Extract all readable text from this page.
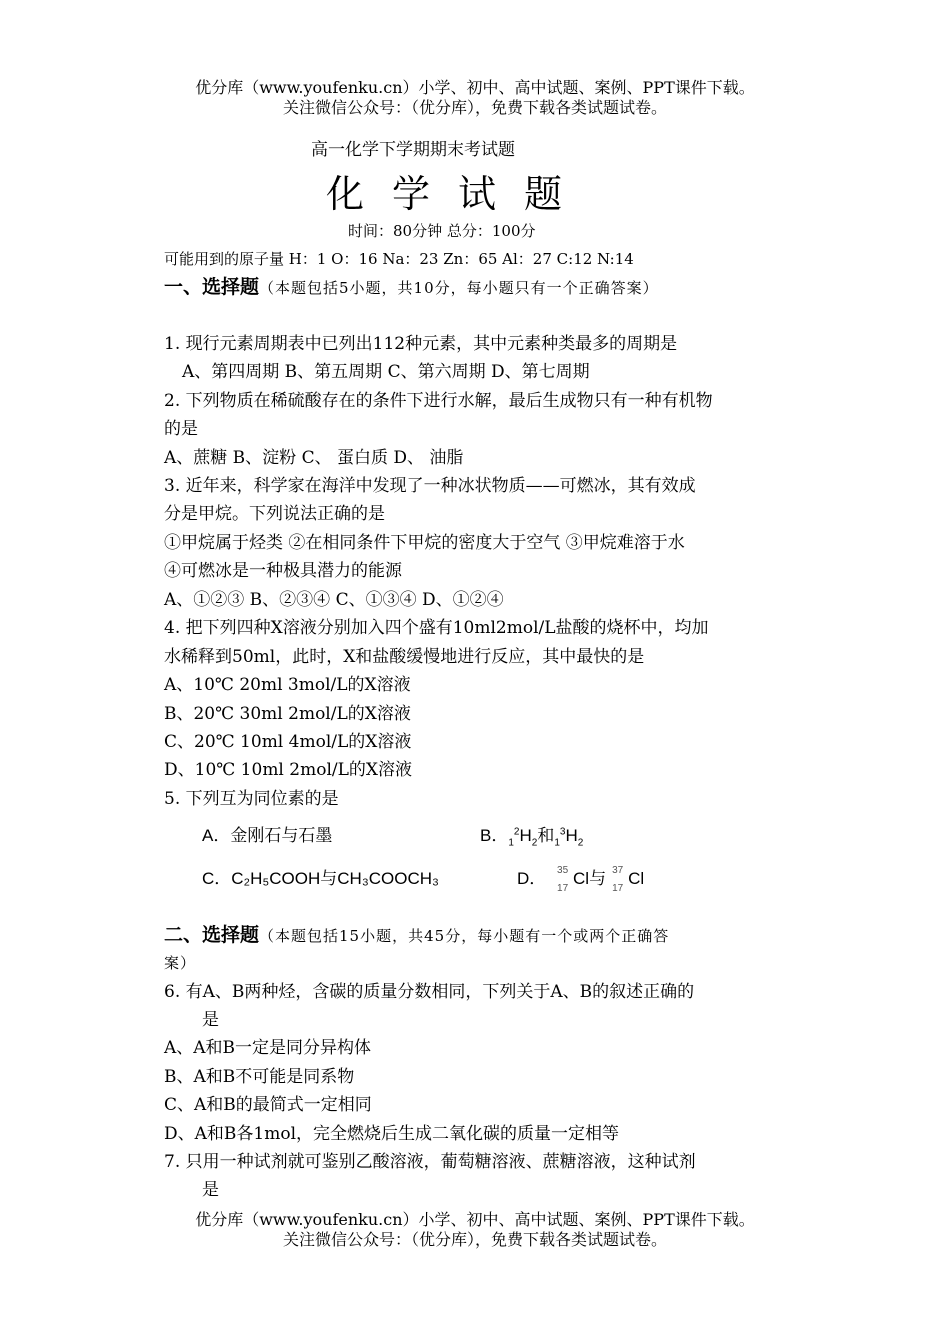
优分库（www.youfenku.cn）小学、初中、高中试题、案例、PPT课件下载。
关注微信公众号：（优分库），免费下载各类试题试卷。
高一化学下学期期末考试题
化学试题
时间：80分钟 总分：100分
可能用到的原子量 H：1 O：16 Na：23 Zn：65 Al：27 C:12 N:14
一、选择题（本题包括5小题，共10分，每小题只有一个正确答案）
1. 现行元素周期表中已列出112种元素，其中元素种类最多的周期是
A、第四周期 B、第五周期 C、第六周期 D、第七周期
2. 下列物质在稀硫酸存在的条件下进行水解，最后生成物只有一种有机物
的是
A、蔗糖 B、淀粉 C、 蛋白质 D、 油脂
3. 近年来，科学家在海洋中发现了一种冰状物质——可燃冰，其有效成
分是甲烷。下列说法正确的是
①甲烷属于烃类 ②在相同条件下甲烷的密度大于空气 ③甲烷难溶于水
④可燃冰是一种极具潜力的能源
A、①②③ B、②③④ C、①③④ D、①②④
4. 把下列四种X溶液分别加入四个盛有10ml2mol/L盐酸的烧杯中，均加
水稀释到50ml，此时，X和盐酸缓慢地进行反应，其中最快的是
A、10℃ 20ml 3mol/L的X溶液
B、20℃ 30ml 2mol/L的X溶液
C、20℃ 10ml 4mol/L的X溶液
D、10℃ 10ml 2mol/L的X溶液
5. 下列互为同位素的是
A．金刚石与石墨	B．$_1^2H_2$和$_1^3H_2$
C．C₂H₅COOH与CH₃COOCH₃	D． 35
17
Cl与 37
17
Cl
二、选择题（本题包括15小题，共45分，每小题有一个或两个正确答
案）
6. 有A、B两种烃，含碳的质量分数相同，下列关于A、B的叙述正确的
是
A、A和B一定是同分异构体
B、A和B不可能是同系物
C、A和B的最简式一定相同
D、A和B各1mol，完全燃烧后生成二氧化碳的质量一定相等
7. 只用一种试剂就可鉴别乙酸溶液，葡萄糖溶液、蔗糖溶液，这种试剂
是
优分库（www.youfenku.cn）小学、初中、高中试题、案例、PPT课件下载。
关注微信公众号：（优分库），免费下载各类试题试卷。
